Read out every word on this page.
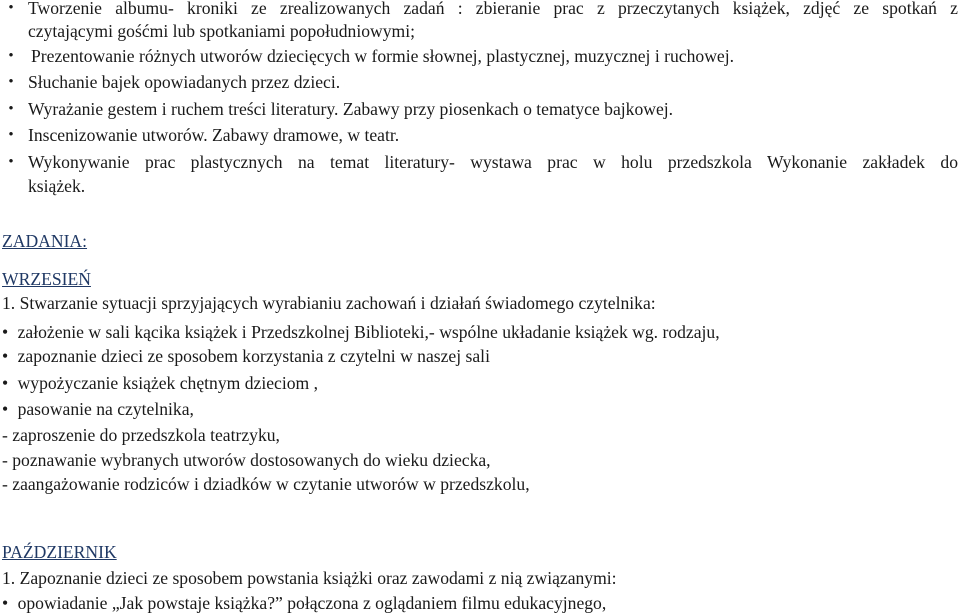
• Tworzenie albumu- kroniki ze zrealizowanych zadań : zbieranie prac z przeczytanych książek, zdjęć ze spotkań z
czytającymi gośćmi lub spotkaniami popołudniowymi;
• Prezentowanie różnych utworów dziecięcych w formie słownej, plastycznej, muzycznej i ruchowej.
• Słuchanie bajek opowiadanych przez dzieci.
• Wyrażanie gestem i ruchem treści literatury. Zabawy przy piosenkach o tematyce bajkowej.
• Inscenizowanie utworów. Zabawy dramowe, w teatr.
• Wykonywanie prac plastycznych na temat literatury- wystawa prac w holu przedszkola Wykonanie zakładek do
książek.
ZADANIA:
WRZESIEŃ
1. Stwarzanie sytuacji sprzyjających wyrabianiu zachowań i działań świadomego czytelnika:
• założenie w sali kącika książek i Przedszkolnej Biblioteki,- wspólne układanie książek wg. rodzaju,
• zapoznanie dzieci ze sposobem korzystania z czytelni w naszej sali
• wypożyczanie książek chętnym dzieciom ,
• pasowanie na czytelnika,
- zaproszenie do przedszkola teatrzyku,
- poznawanie wybranych utworów dostosowanych do wieku dziecka,
- zaangażowanie rodziców i dziadków w czytanie utworów w przedszkolu,
PAŹDZIERNIK
1. Zapoznanie dzieci ze sposobem powstania książki oraz zawodami z nią związanymi:
• opowiadanie „Jak powstaje książka?” połączona z oglądaniem filmu edukacyjnego,
